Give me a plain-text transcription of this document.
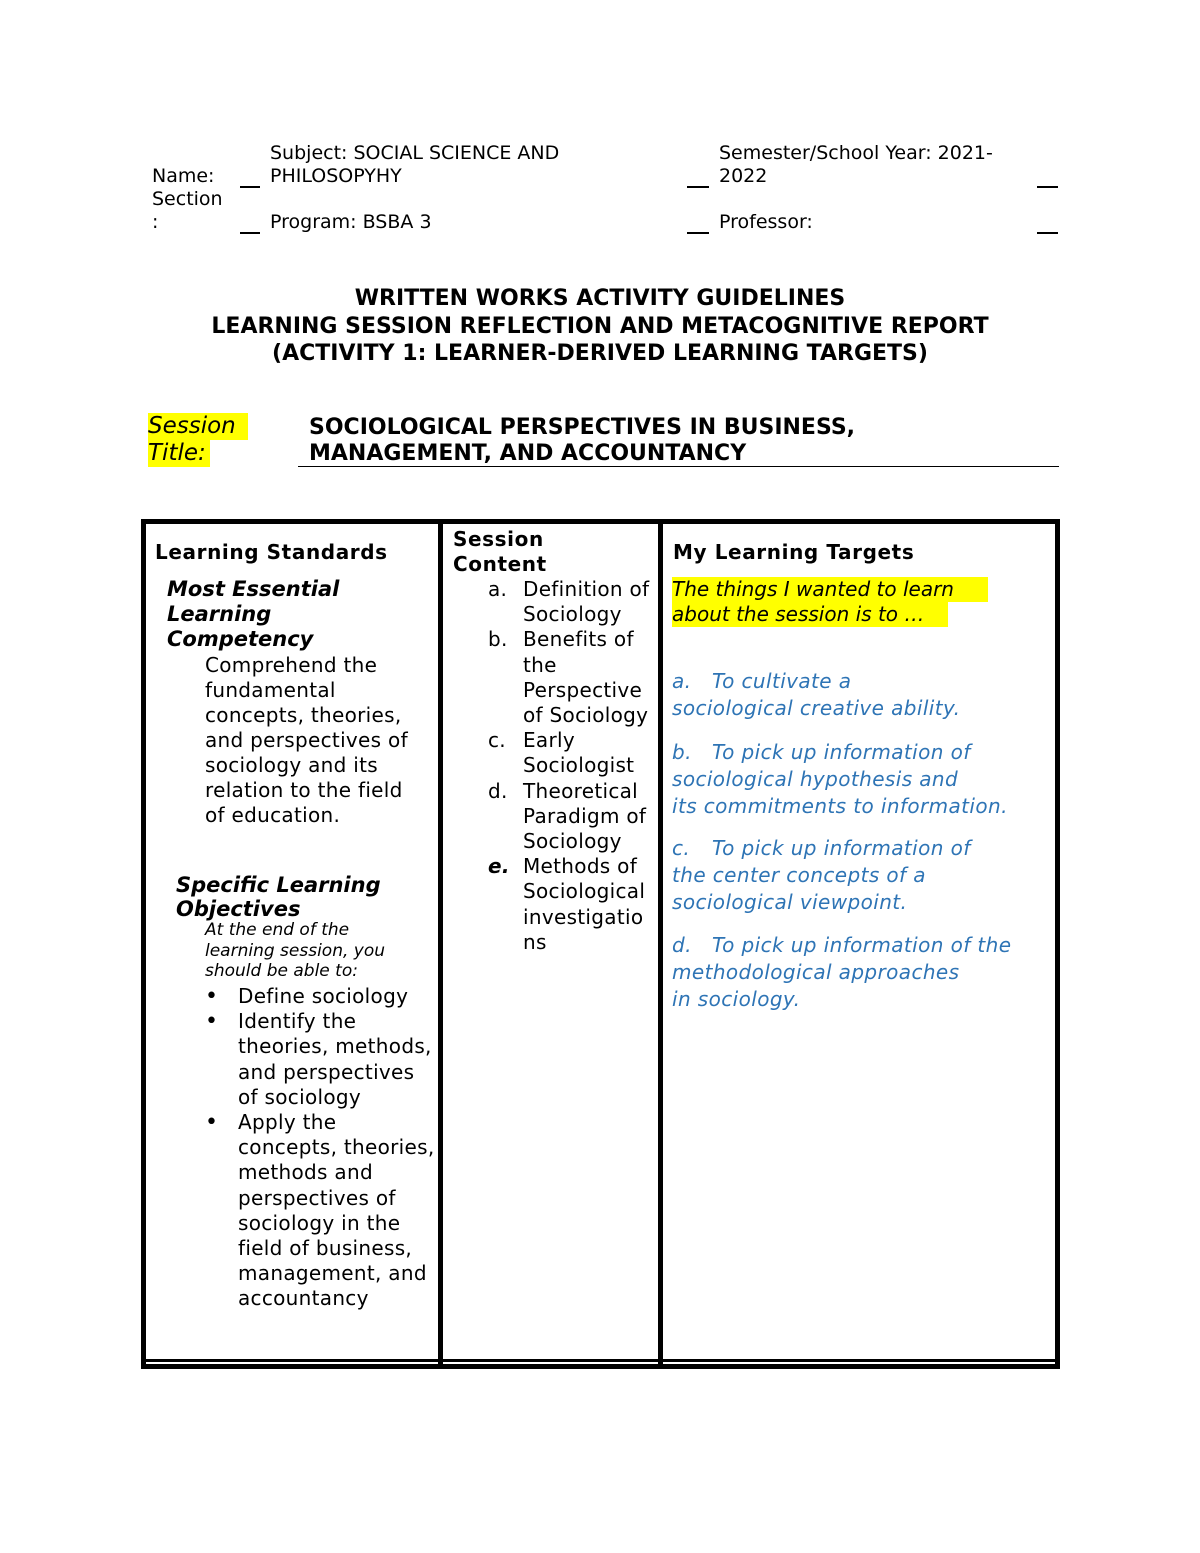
Name:
Section
:
Subject: SOCIAL SCIENCE AND
PHILOSOPYHY
Program: BSBA 3
Semester/School Year: 2021-
2022
Professor:
WRITTEN WORKS ACTIVITY GUIDELINES
LEARNING SESSION REFLECTION AND METACOGNITIVE REPORT
(ACTIVITY 1: LEARNER-DERIVED LEARNING TARGETS)
Session
Title:
SOCIOLOGICAL PERSPECTIVES IN BUSINESS,
MANAGEMENT, AND ACCOUNTANCY
Learning Standards
Most Essential
Learning
Competency
Comprehend the
fundamental
concepts, theories,
and perspectives of
sociology and its
relation to the field
of education.
Specific Learning
Objectives
At the end of the
learning session, you
should be able to:
• Define sociology
• Identify the theories, methods, and perspectives of sociology
• Apply the concepts, theories, methods and perspectives of sociology in the field of business, management, and accountancy
Session
Content
a. Definition of Sociology
b. Benefits of the Perspective of Sociology
c. Early Sociologist
d. Theoretical Paradigm of Sociology
e. Methods of Sociological investigatio ns
My Learning Targets
The things I wanted to learn
about the session is to …
a. To cultivate a
sociological creative ability.
b. To pick up information of
sociological hypothesis and
its commitments to information.
c. To pick up information of
the center concepts of a
sociological viewpoint.
d. To pick up information of the
methodological approaches
in sociology.
